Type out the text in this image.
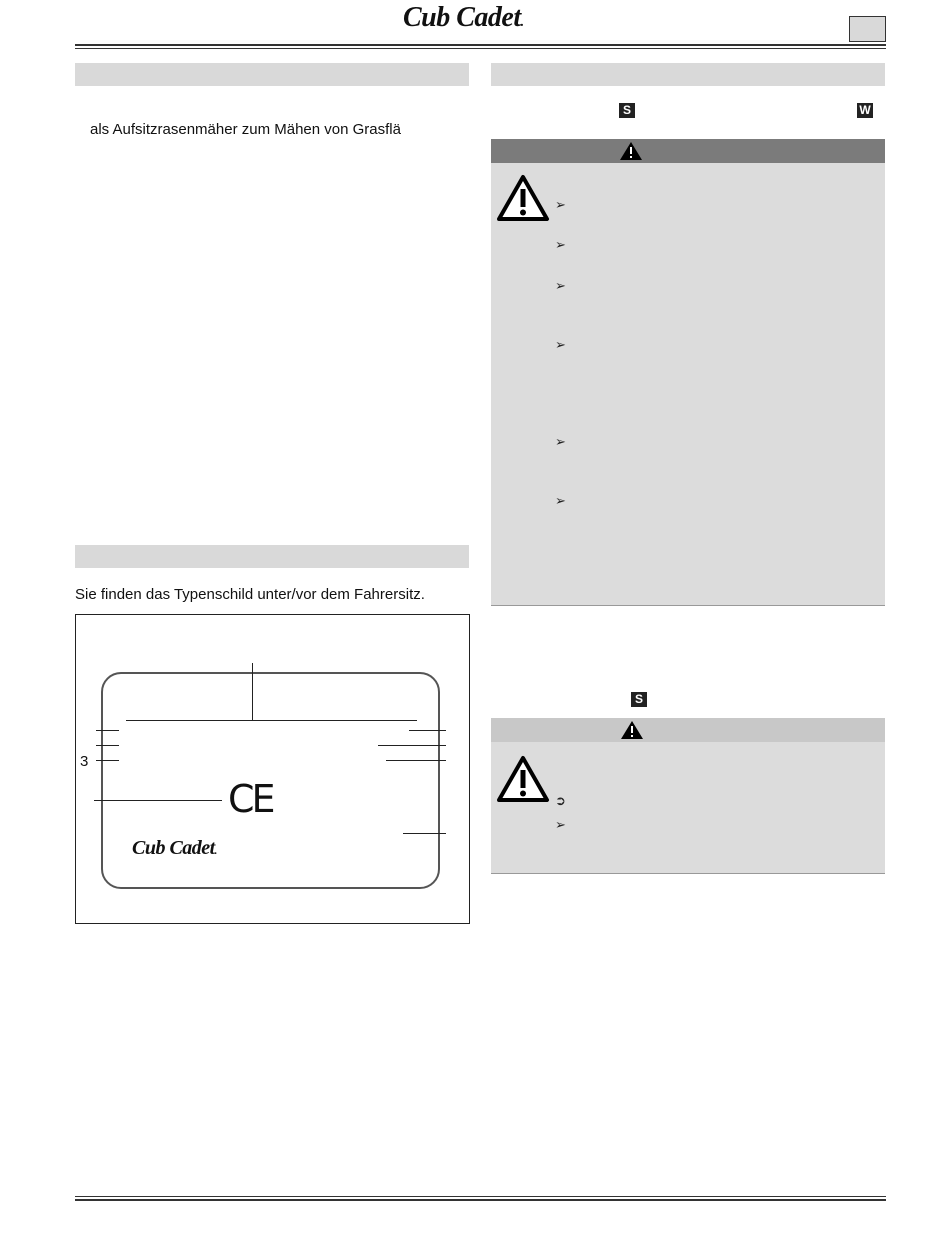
Cub Cadet.
als Aufsitzrasenmäher zum Mähen von Grasflä
Sie finden das Typenschild unter/vor dem Fahrersitz.
3
CE
Cub Cadet.
S	W
➢
➢
➢
➢
➢
➢
S
➲
➢
